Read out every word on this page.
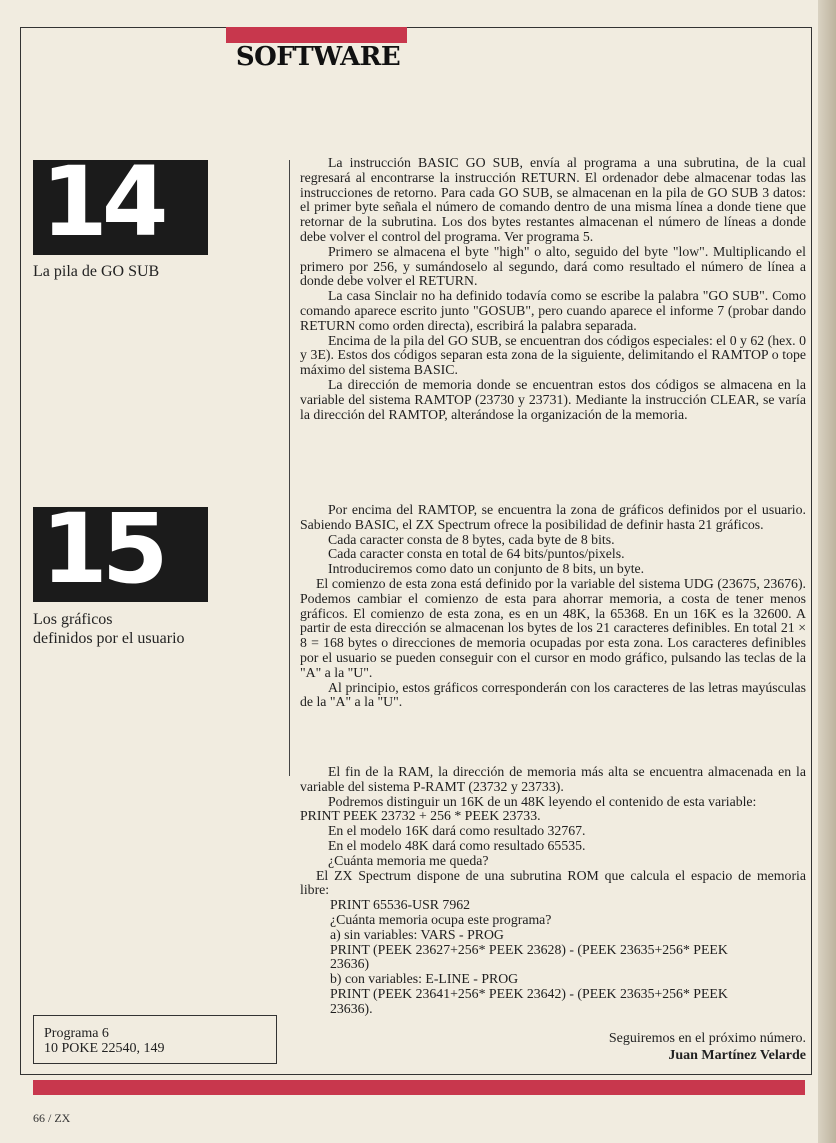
SOFTWARE
14
La pila de GO SUB

La instrucción BASIC GO SUB, envía al programa a una subrutina, de la cual regresará al encontrarse la instrucción RETURN. El ordenador debe almacenar todas las instrucciones de retorno. Para cada GO SUB, se almacenan en la pila de GO SUB 3 datos: el primer byte señala el número de comando dentro de una misma línea a donde tiene que retornar de la subrutina. Los dos bytes restantes almacenan el número de líneas a donde debe volver el control del programa. Ver programa 5.

Primero se almacena el byte "high" o alto, seguido del byte "low". Multiplicando el primero por 256, y sumándoselo al segundo, dará como resultado el número de línea a donde debe volver el RETURN.

La casa Sinclair no ha definido todavía como se escribe la palabra "GO SUB". Como comando aparece escrito junto "GOSUB", pero cuando aparece el informe 7 (probar dando RETURN como orden directa), escribirá la palabra separada.

Encima de la pila del GO SUB, se encuentran dos códigos especiales: el 0 y 62 (hex. 0 y 3E). Estos dos códigos separan esta zona de la siguiente, delimitando el RAMTOP o tope máximo del sistema BASIC.

La dirección de memoria donde se encuentran estos dos códigos se almacena en la variable del sistema RAMTOP (23730 y 23731). Mediante la instrucción CLEAR, se varía la dirección del RAMTOP, alterándose la organización de la memoria.

15
Los gráficos
definidos por el usuario

Por encima del RAMTOP, se encuentra la zona de gráficos definidos por el usuario. Sabiendo BASIC, el ZX Spectrum ofrece la posibilidad de definir hasta 21 gráficos.

Cada caracter consta de 8 bytes, cada byte de 8 bits.

Cada caracter consta en total de 64 bits/puntos/pixels.

Introduciremos como dato un conjunto de 8 bits, un byte.

El comienzo de esta zona está definido por la variable del sistema UDG (23675, 23676). Podemos cambiar el comienzo de esta para ahorrar memoria, a costa de tener menos gráficos. El comienzo de esta zona, es en un 48K, la 65368. En un 16K es la 32600. A partir de esta dirección se almacenan los bytes de los 21 caracteres definibles. En total 21 × 8 = 168 bytes o direcciones de memoria ocupadas por esta zona. Los caracteres definibles por el usuario se pueden conseguir con el cursor en modo gráfico, pulsando las teclas de la "A" a la "U".

Al principio, estos gráficos corresponderán con los caracteres de las letras mayúsculas de la "A" a la "U".

El fin de la RAM, la dirección de memoria más alta se encuentra almacenada en la variable del sistema P-RAMT (23732 y 23733).

Podremos distinguir un 16K de un 48K leyendo el contenido de esta variable:

PRINT PEEK 23732 + 256 * PEEK 23733.

En el modelo 16K dará como resultado 32767.

En el modelo 48K dará como resultado 65535.

¿Cuánta memoria me queda?

El ZX Spectrum dispone de una subrutina ROM que calcula el espacio de memoria libre:

PRINT 65536-USR 7962

¿Cuánta memoria ocupa este programa?

a) sin variables: VARS - PROG

PRINT (PEEK 23627+256* PEEK 23628) - (PEEK 23635+256* PEEK

23636)

b) con variables: E-LINE - PROG

PRINT (PEEK 23641+256* PEEK 23642) - (PEEK 23635+256* PEEK

23636).

Programa 6
10 POKE 22540, 149
Seguiremos en el próximo número.
Juan Martínez Velarde
66 / ZX
